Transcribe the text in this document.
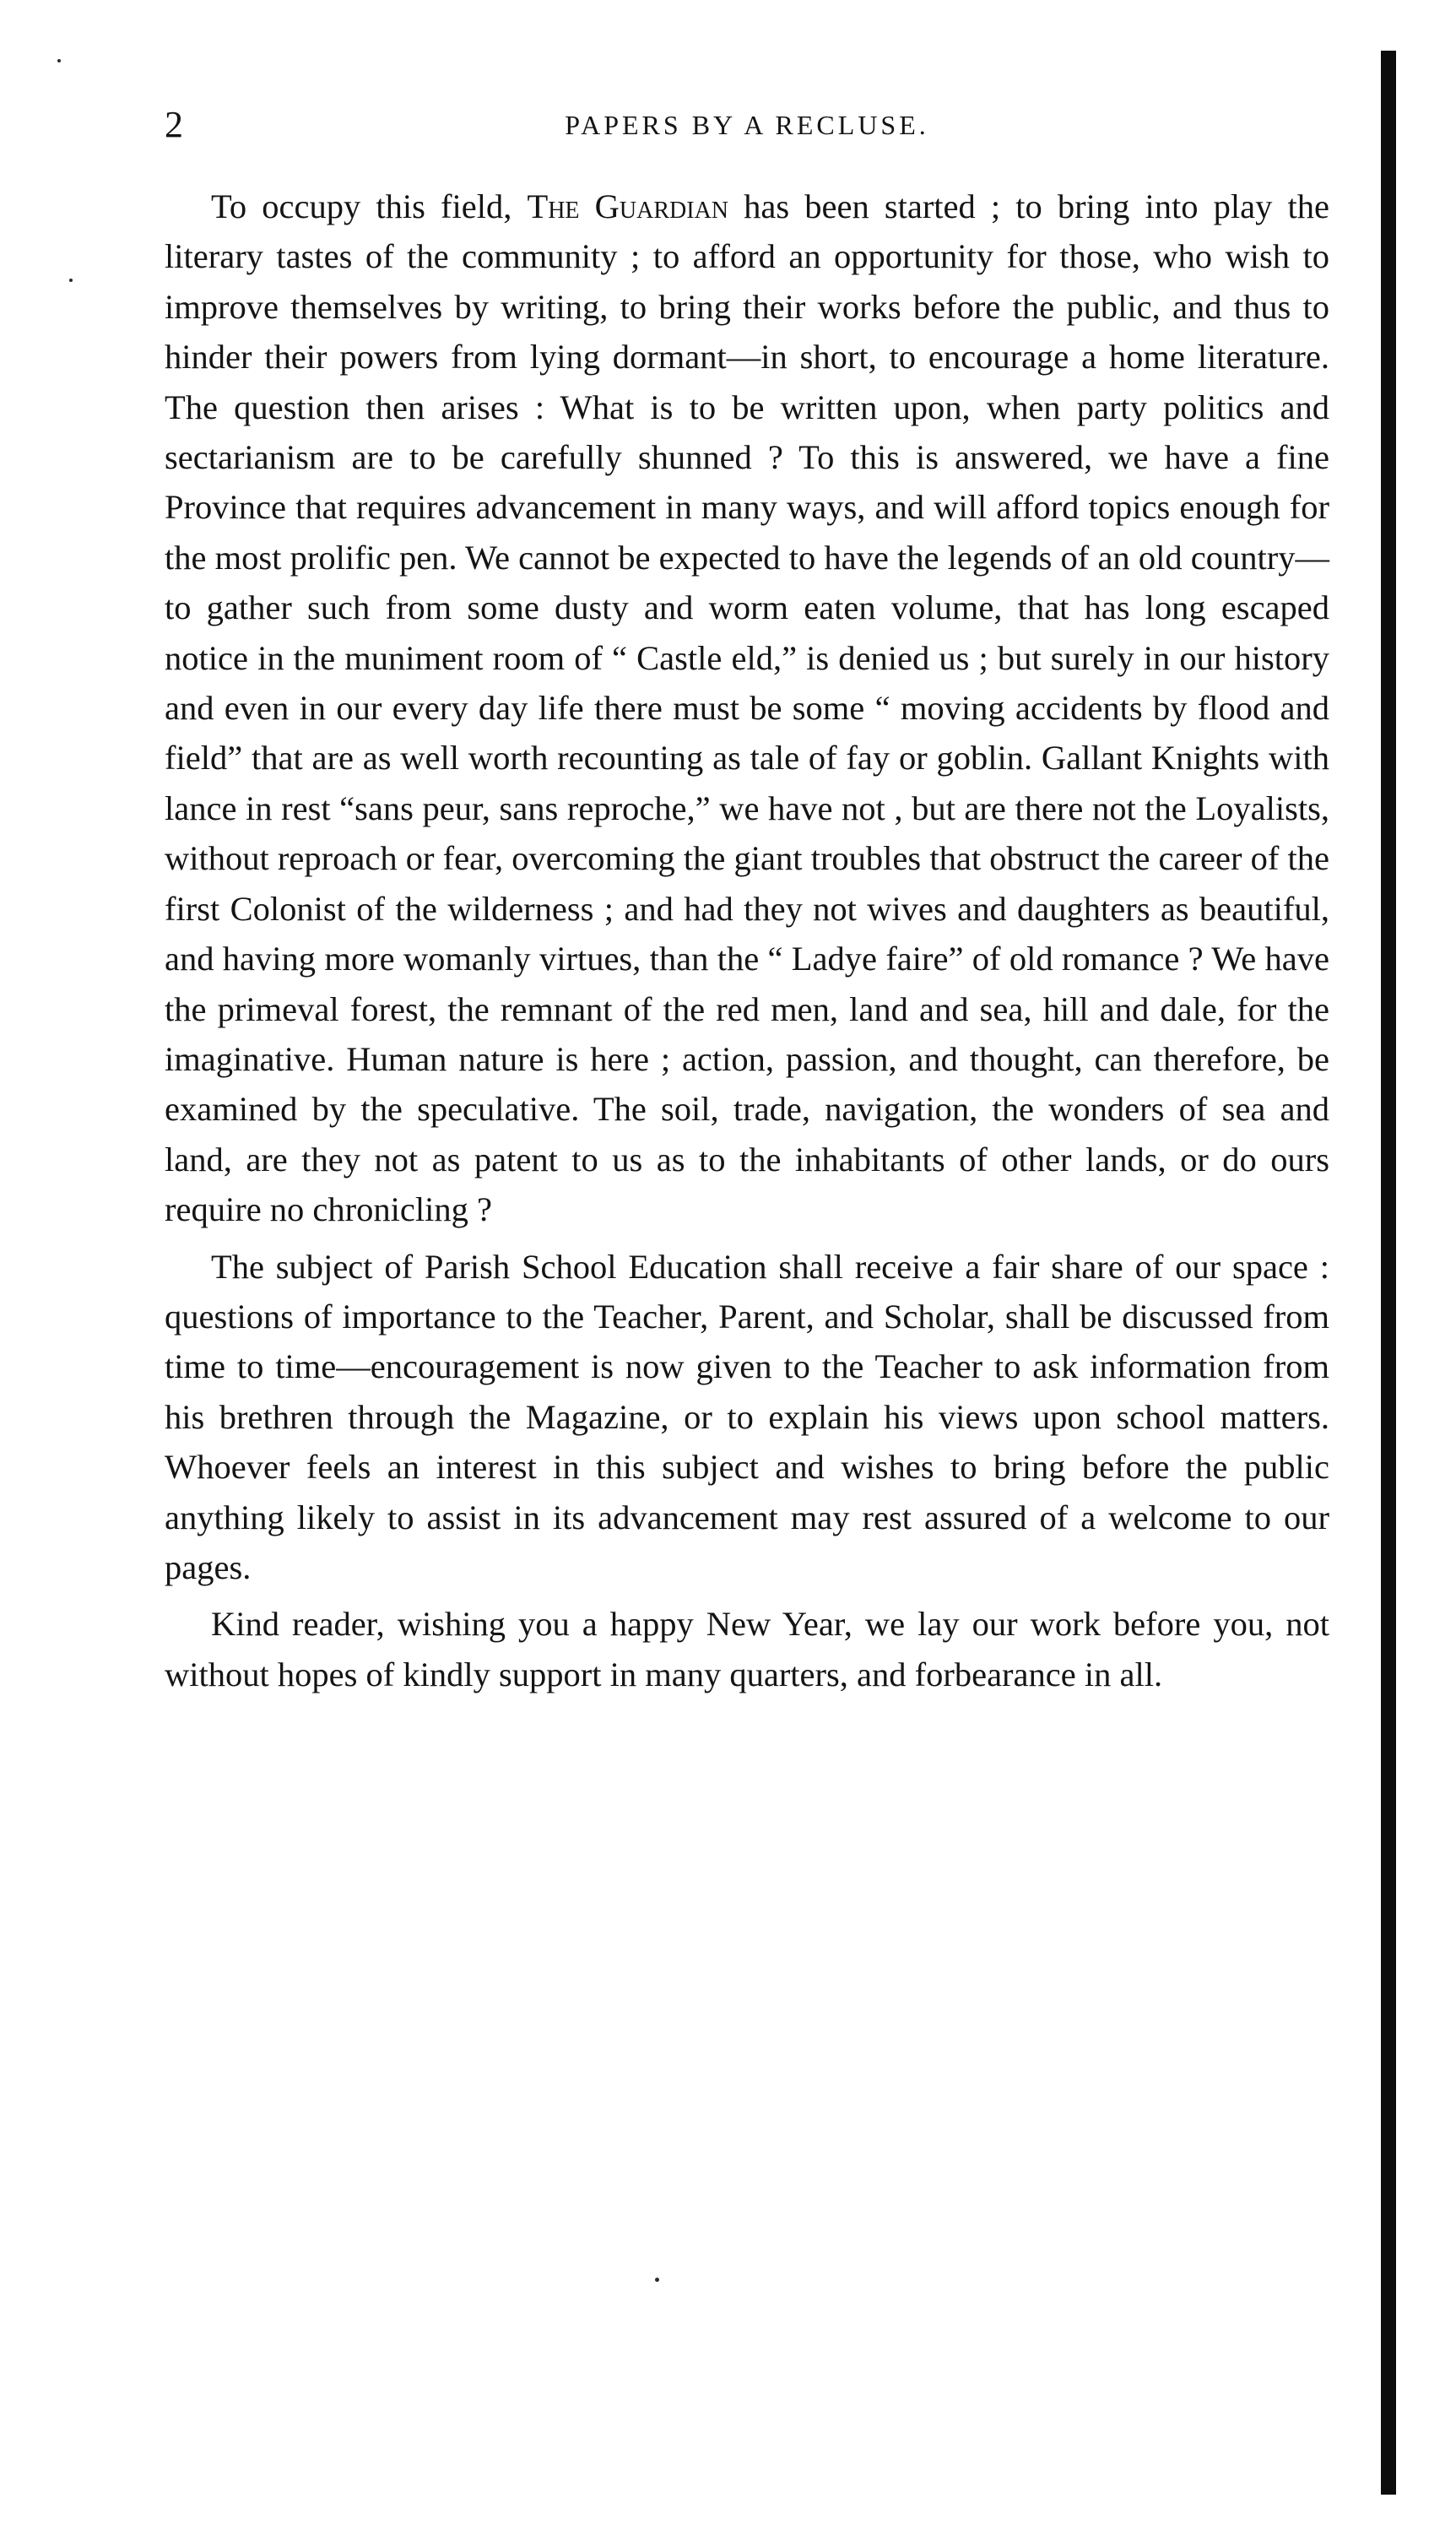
2	PAPERS BY A RECLUSE.

To occupy this field, The Guardian has been started ; to bring into play the literary tastes of the community ; to afford an opportunity for those, who wish to improve themselves by writing, to bring their works before the public, and thus to hinder their powers from lying dormant—in short, to encourage a home literature. The question then arises : What is to be written upon, when party politics and sectarianism are to be carefully shunned ? To this is answered, we have a fine Province that requires advancement in many ways, and will afford topics enough for the most prolific pen. We cannot be expected to have the legends of an old country—to gather such from some dusty and worm eaten volume, that has long escaped notice in the muniment room of “ Castle eld,” is denied us ; but surely in our history and even in our every day life there must be some “ moving accidents by flood and field” that are as well worth recounting as tale of fay or goblin. Gallant Knights with lance in rest “sans peur, sans reproche,” we have not , but are there not the Loyalists, without reproach or fear, overcoming the giant troubles that obstruct the career of the first Colonist of the wilderness ; and had they not wives and daughters as beautiful, and having more womanly virtues, than the “ Ladye faire” of old romance ? We have the primeval forest, the remnant of the red men, land and sea, hill and dale, for the imaginative. Human nature is here ; action, passion, and thought, can therefore, be examined by the speculative. The soil, trade, navigation, the wonders of sea and land, are they not as patent to us as to the inhabitants of other lands, or do ours require no chronicling ?

The subject of Parish School Education shall receive a fair share of our space : questions of importance to the Teacher, Parent, and Scholar, shall be discussed from time to time—encouragement is now given to the Teacher to ask information from his brethren through the Magazine, or to explain his views upon school matters. Whoever feels an interest in this subject and wishes to bring before the public anything likely to assist in its advancement may rest assured of a welcome to our pages.

Kind reader, wishing you a happy New Year, we lay our work before you, not without hopes of kindly support in many quarters, and forbearance in all.
